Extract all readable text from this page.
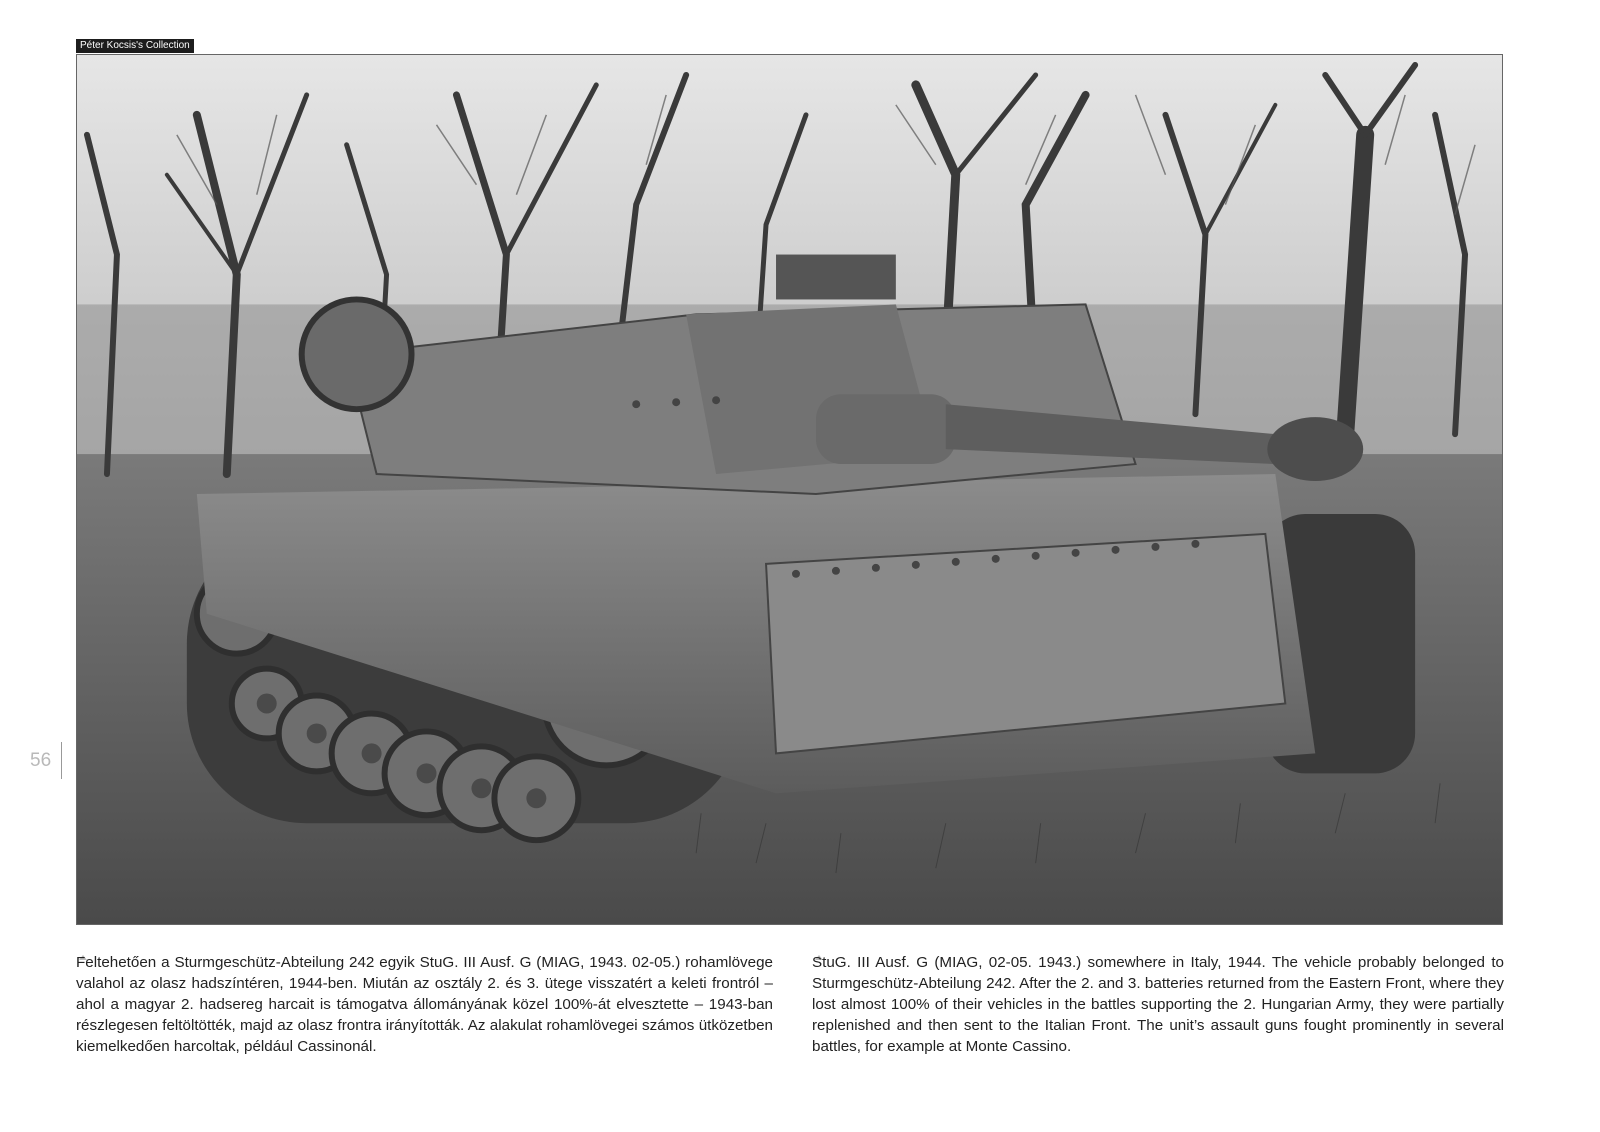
Péter Kocsis's Collection
56

Feltehetően a Sturmgeschütz-Abteilung 242 egyik StuG. III Ausf. G (MIAG, 1943. 02-05.) rohamlövege valahol az olasz hadszíntéren, 1944-ben. Miután az osztály 2. és 3. ütege visszatért a keleti frontról – ahol a magyar 2. hadsereg harcait is támogatva állományának közel 100%-át elvesztette – 1943-ban részlegesen feltöltötték, majd az olasz frontra irányították. Az alakulat rohamlövegei számos ütközetben kiemelkedően harcoltak, például Cassinonál.

StuG. III Ausf. G (MIAG, 02-05. 1943.) somewhere in Italy, 1944. The vehicle probably belonged to Sturmgeschütz-Abteilung 242. After the 2. and 3. batteries returned from the Eastern Front, where they lost almost 100% of their vehicles in the battles supporting the 2. Hungarian Army, they were partially replenished and then sent to the Italian Front. The unit’s assault guns fought prominently in several battles, for example at Monte Cassino.
